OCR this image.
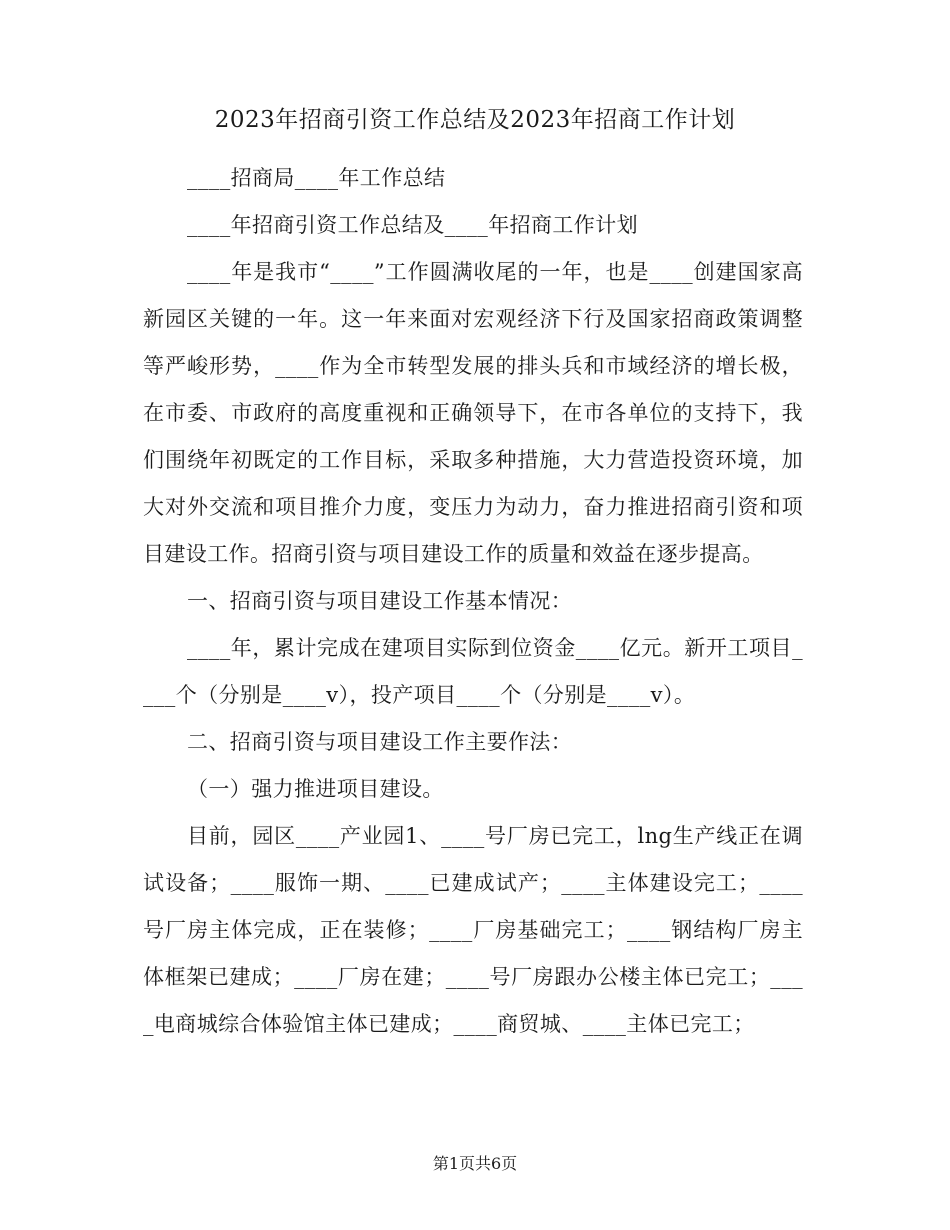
2023年招商引资工作总结及2023年招商工作计划

____招商局____年工作总结

____年招商引资工作总结及____年招商工作计划

____年是我市“____”工作圆满收尾的一年，也是____创建国家高新园区关键的一年。这一年来面对宏观经济下行及国家招商政策调整等严峻形势，____作为全市转型发展的排头兵和市域经济的增长极，在市委、市政府的高度重视和正确领导下，在市各单位的支持下，我们围绕年初既定的工作目标，采取多种措施，大力营造投资环境，加大对外交流和项目推介力度，变压力为动力，奋力推进招商引资和项目建设工作。招商引资与项目建设工作的质量和效益在逐步提高。

一、招商引资与项目建设工作基本情况：

____年，累计完成在建项目实际到位资金____亿元。新开工项目____个（分别是____v），投产项目____个（分别是____v）。

二、招商引资与项目建设工作主要作法：

（一）强力推进项目建设。

目前，园区____产业园1、____号厂房已完工，lng生产线正在调试设备；____服饰一期、____已建成试产；____主体建设完工；____号厂房主体完成，正在装修；____厂房基础完工；____钢结构厂房主体框架已建成；____厂房在建；____号厂房跟办公楼主体已完工；____电商城综合体验馆主体已建成；____商贸城、____主体已完工；

第1页共6页
